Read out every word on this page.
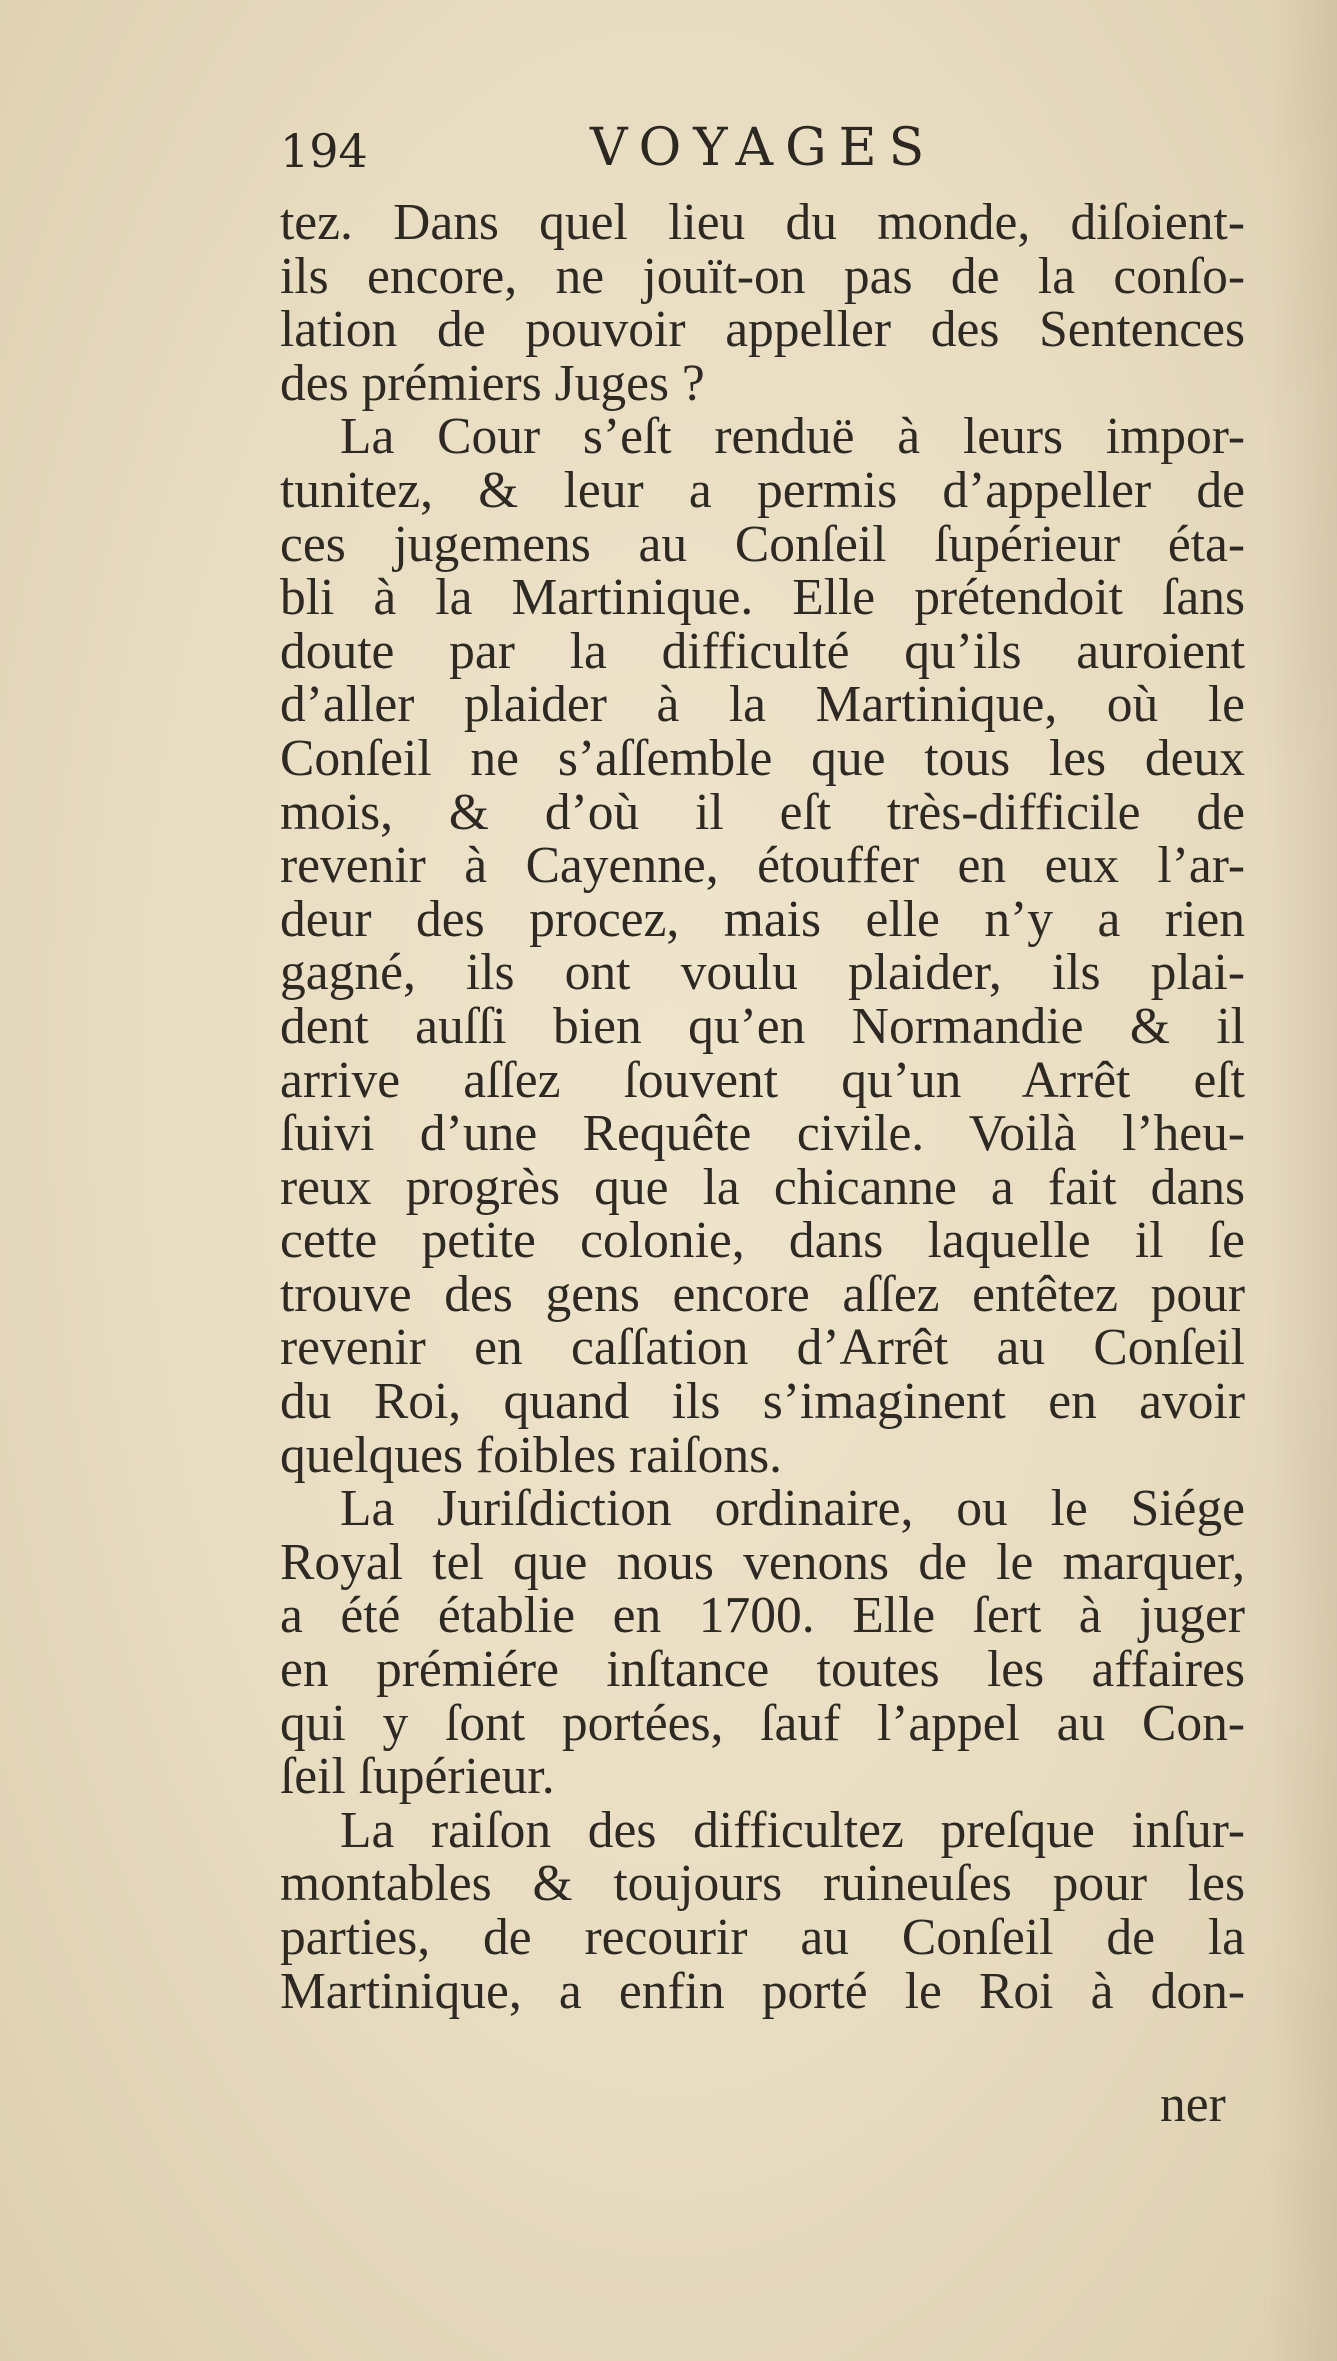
194	VOYAGES
tez. Dans quel lieu du monde, diſoient-
ils encore, ne jouït-on pas de la conſo-
lation de pouvoir appeller des Sentences
des prémiers Juges ?
La Cour s’eſt renduë à leurs impor-
tunitez, & leur a permis d’appeller de
ces jugemens au Conſeil ſupérieur éta-
bli à la Martinique. Elle prétendoit ſans
doute par la difficulté qu’ils auroient
d’aller plaider à la Martinique, où le
Conſeil ne s’aſſemble que tous les deux
mois, & d’où il eſt très-difficile de
revenir à Cayenne, étouffer en eux l’ar-
deur des procez, mais elle n’y a rien
gagné, ils ont voulu plaider, ils plai-
dent auſſi bien qu’en Normandie & il
arrive aſſez ſouvent qu’un Arrêt eſt
ſuivi d’une Requête civile. Voilà l’heu-
reux progrès que la chicanne a fait dans
cette petite colonie, dans laquelle il ſe
trouve des gens encore aſſez entêtez pour
revenir en caſſation d’Arrêt au Conſeil
du Roi, quand ils s’imaginent en avoir
quelques foibles raiſons.
La Juriſdiction ordinaire, ou le Siége
Royal tel que nous venons de le marquer,
a été établie en 1700. Elle ſert à juger
en prémiére inſtance toutes les affaires
qui y ſont portées, ſauf l’appel au Con-
ſeil ſupérieur.
La raiſon des difficultez preſque inſur-
montables & toujours ruineuſes pour les
parties, de recourir au Conſeil de la
Martinique, a enfin porté le Roi à don-
ner
